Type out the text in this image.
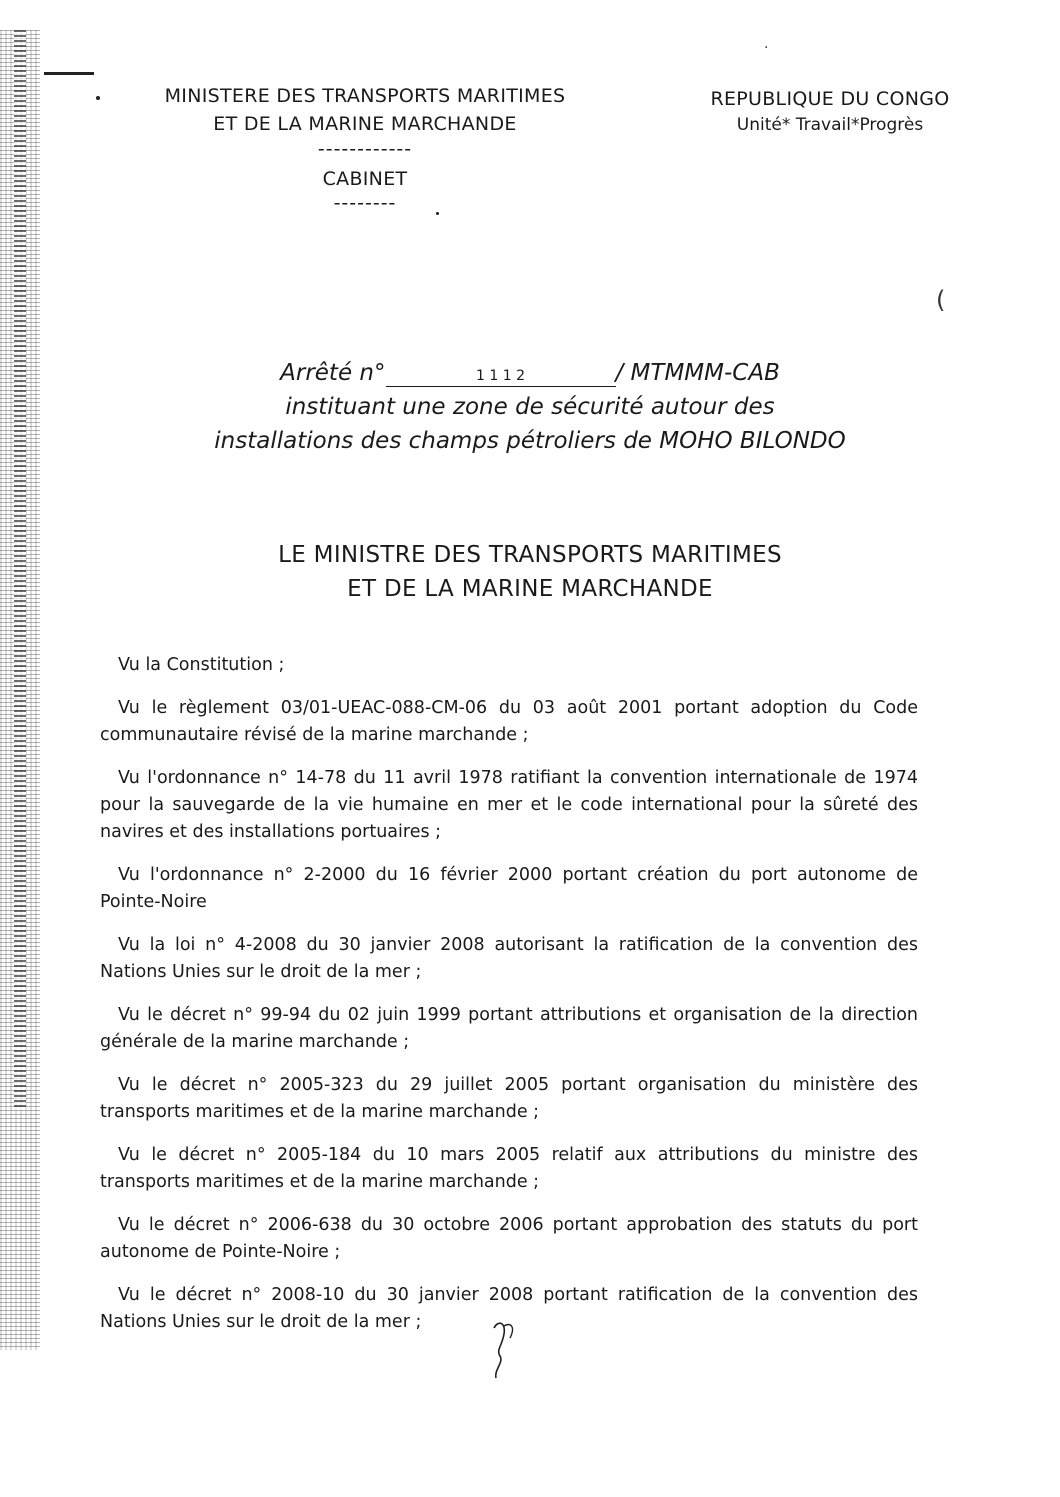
·
(
MINISTERE DES TRANSPORTS MARITIMES
ET DE LA MARINE MARCHANDE
------------
CABINET
--------
REPUBLIQUE DU CONGO
Unité* Travail*Progrès
Arrêté n°	1 1 1 2	/ MTMMM-CAB
instituant une zone de sécurité autour des
installations des champs pétroliers de MOHO BILONDO
LE MINISTRE DES TRANSPORTS MARITIMES
ET DE LA MARINE MARCHANDE
Vu la Constitution ;
Vu le règlement 03/01-UEAC-088-CM-06 du 03 août 2001 portant adoption du Code communautaire révisé de la marine marchande ;
Vu l'ordonnance n° 14-78 du 11 avril 1978 ratifiant la convention internationale de 1974 pour la sauvegarde de la vie humaine en mer et le code international pour la sûreté des navires et des installations portuaires ;
Vu l'ordonnance n° 2-2000 du 16 février 2000 portant création du port autonome de Pointe-Noire
Vu la loi n° 4-2008 du 30 janvier 2008 autorisant la ratification de la convention des Nations Unies sur le droit de la mer ;
Vu le décret n° 99-94 du 02 juin 1999 portant attributions et organisation de la direction générale de la marine marchande ;
Vu le décret n° 2005-323 du 29 juillet 2005 portant organisation du ministère des transports maritimes et de la marine marchande ;
Vu le décret n° 2005-184 du 10 mars 2005 relatif aux attributions du ministre des transports maritimes et de la marine marchande ;
Vu le décret n° 2006-638 du 30 octobre 2006 portant approbation des statuts du port autonome de Pointe-Noire ;
Vu le décret n° 2008-10 du 30 janvier 2008 portant ratification de la convention des Nations Unies sur le droit de la mer ;
